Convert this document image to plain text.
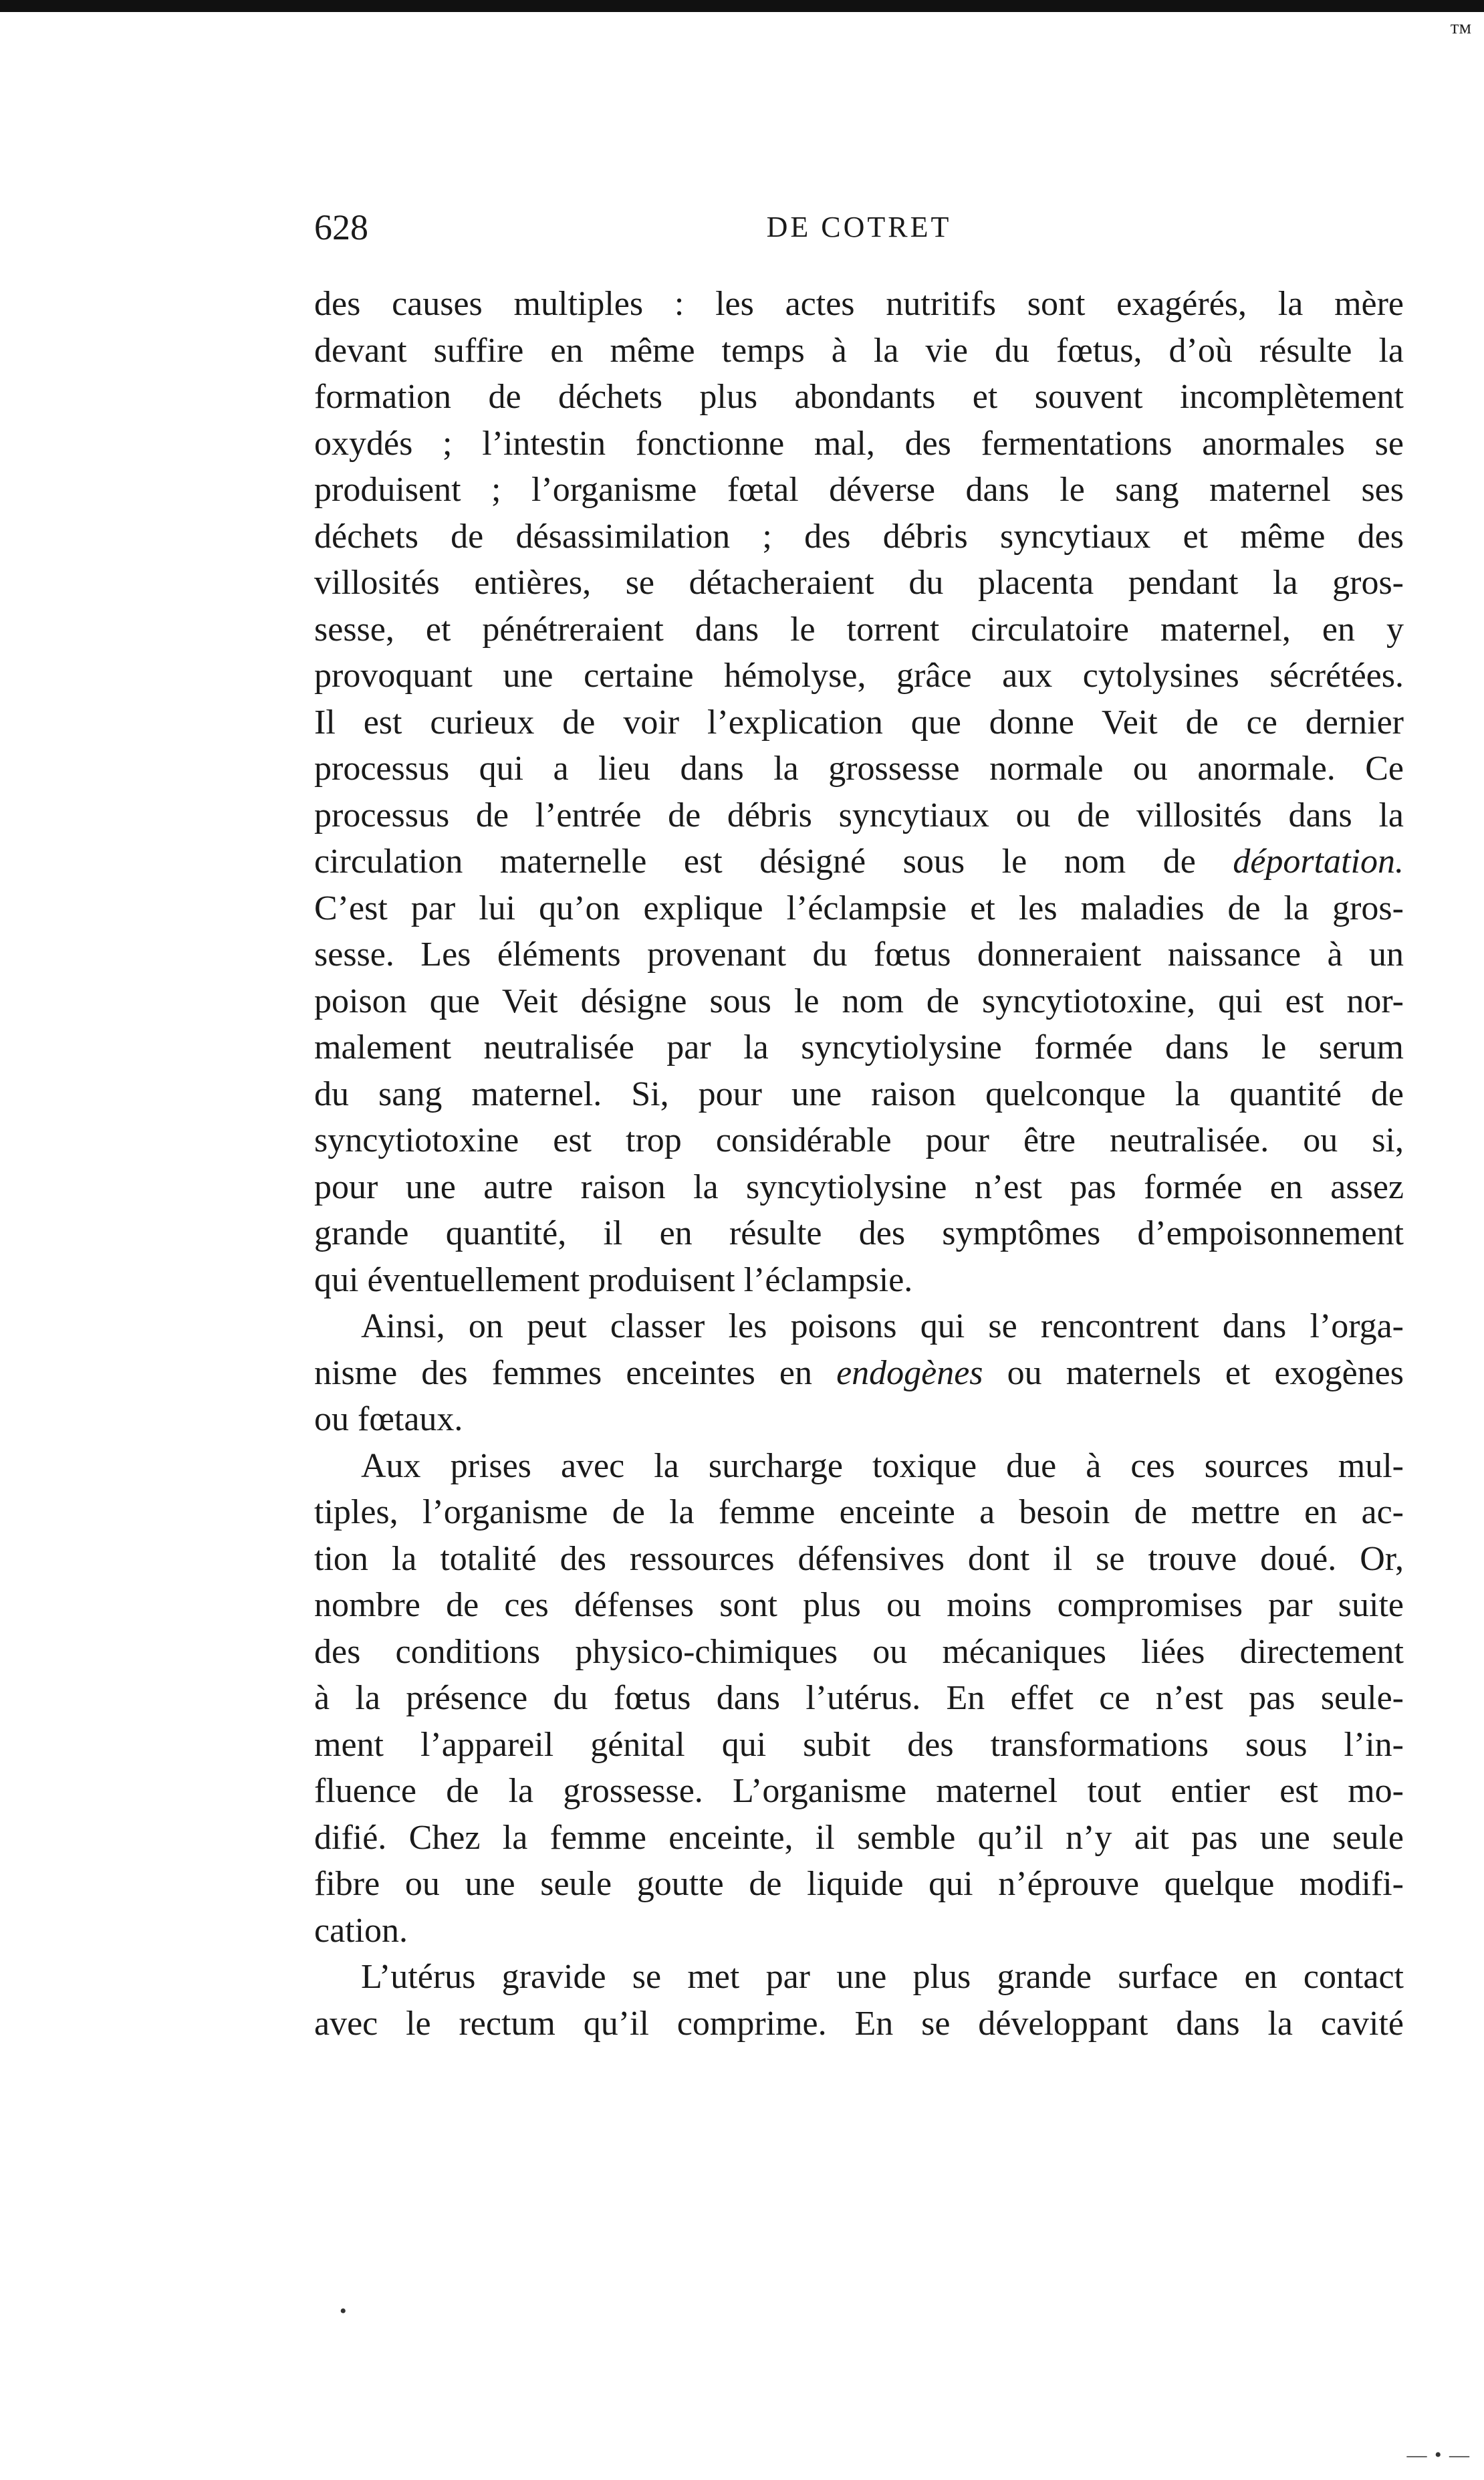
™
628	DE COTRET
des causes multiples : les actes nutritifs sont exagérés, la mère
devant suffire en même temps à la vie du fœtus, d’où résulte la
formation de déchets plus abondants et souvent incomplètement
oxydés ; l’intestin fonctionne mal, des fermentations anormales se
produisent ; l’organisme fœtal déverse dans le sang maternel ses
déchets de désassimilation ; des débris syncytiaux et même des
villosités entières, se détacheraient du placenta pendant la gros-
sesse, et pénétreraient dans le torrent circulatoire maternel, en y
provoquant une certaine hémolyse, grâce aux cytolysines sécrétées.
Il est curieux de voir l’explication que donne Veit de ce dernier
processus qui a lieu dans la grossesse normale ou anormale. Ce
processus de l’entrée de débris syncytiaux ou de villosités dans la
circulation maternelle est désigné sous le nom de déportation.
C’est par lui qu’on explique l’éclampsie et les maladies de la gros-
sesse. Les éléments provenant du fœtus donneraient naissance à un
poison que Veit désigne sous le nom de syncytiotoxine, qui est nor-
malement neutralisée par la syncytiolysine formée dans le serum
du sang maternel. Si, pour une raison quelconque la quantité de
syncytiotoxine est trop considérable pour être neutralisée. ou si,
pour une autre raison la syncytiolysine n’est pas formée en assez
grande quantité, il en résulte des symptômes d’empoisonnement
qui éventuellement produisent l’éclampsie.
Ainsi, on peut classer les poisons qui se rencontrent dans l’orga-
nisme des femmes enceintes en endogènes ou maternels et exogènes
ou fœtaux.
Aux prises avec la surcharge toxique due à ces sources mul-
tiples, l’organisme de la femme enceinte a besoin de mettre en ac-
tion la totalité des ressources défensives dont il se trouve doué. Or,
nombre de ces défenses sont plus ou moins compromises par suite
des conditions physico-chimiques ou mécaniques liées directement
à la présence du fœtus dans l’utérus. En effet ce n’est pas seule-
ment l’appareil génital qui subit des transformations sous l’in-
fluence de la grossesse. L’organisme maternel tout entier est mo-
difié. Chez la femme enceinte, il semble qu’il n’y ait pas une seule
fibre ou une seule goutte de liquide qui n’éprouve quelque modifi-
cation.
L’utérus gravide se met par une plus grande surface en contact
avec le rectum qu’il comprime. En se développant dans la cavité
•
— • —
